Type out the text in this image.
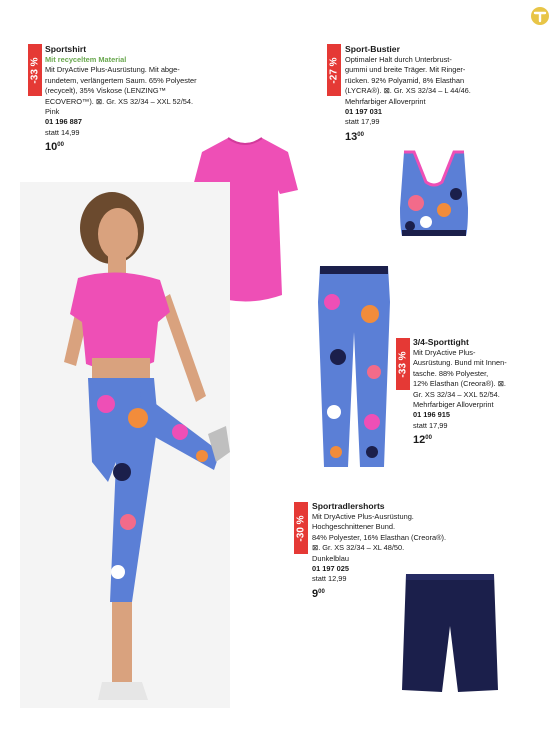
-33 %
Sportshirt
Mit recyceltem Material
Mit DryActive Plus-Ausrüstung. Mit abge-
rundetem, verlängertem Saum. 65% Polyester
(recycelt), 35% Viskose (LENZING™
ECOVERO™). ⊠. Gr. XS 32/34 – XXL 52/54.
Pink
01 196 887
statt 14,99
$10^{00}$
-27 %
Sport-Bustier
Optimaler Halt durch Unterbrust-
gummi und breite Träger. Mit Ringer-
rücken. 92% Polyamid, 8% Elasthan
(LYCRA®). ⊠. Gr. XS 32/34 – L 44/46.
Mehrfarbiger Alloverprint
01 197 031
statt 17,99
$13^{00}$
-33 %
3/4-Sporttight
Mit DryActive Plus-
Ausrüstung. Bund mit Innen-
tasche. 88% Polyester,
12% Elasthan (Creora®). ⊠.
Gr. XS 32/34 – XXL 52/54.
Mehrfarbiger Alloverprint
01 196 915
statt 17,99
$12^{00}$
-30 %
Sportradlershorts
Mit DryActive Plus-Ausrüstung.
Hochgeschnittener Bund.
84% Polyester, 16% Elasthan (Creora®).
⊠. Gr. XS 32/34 – XL 48/50.
Dunkelblau
01 197 025
statt 12,99
$9^{00}$
